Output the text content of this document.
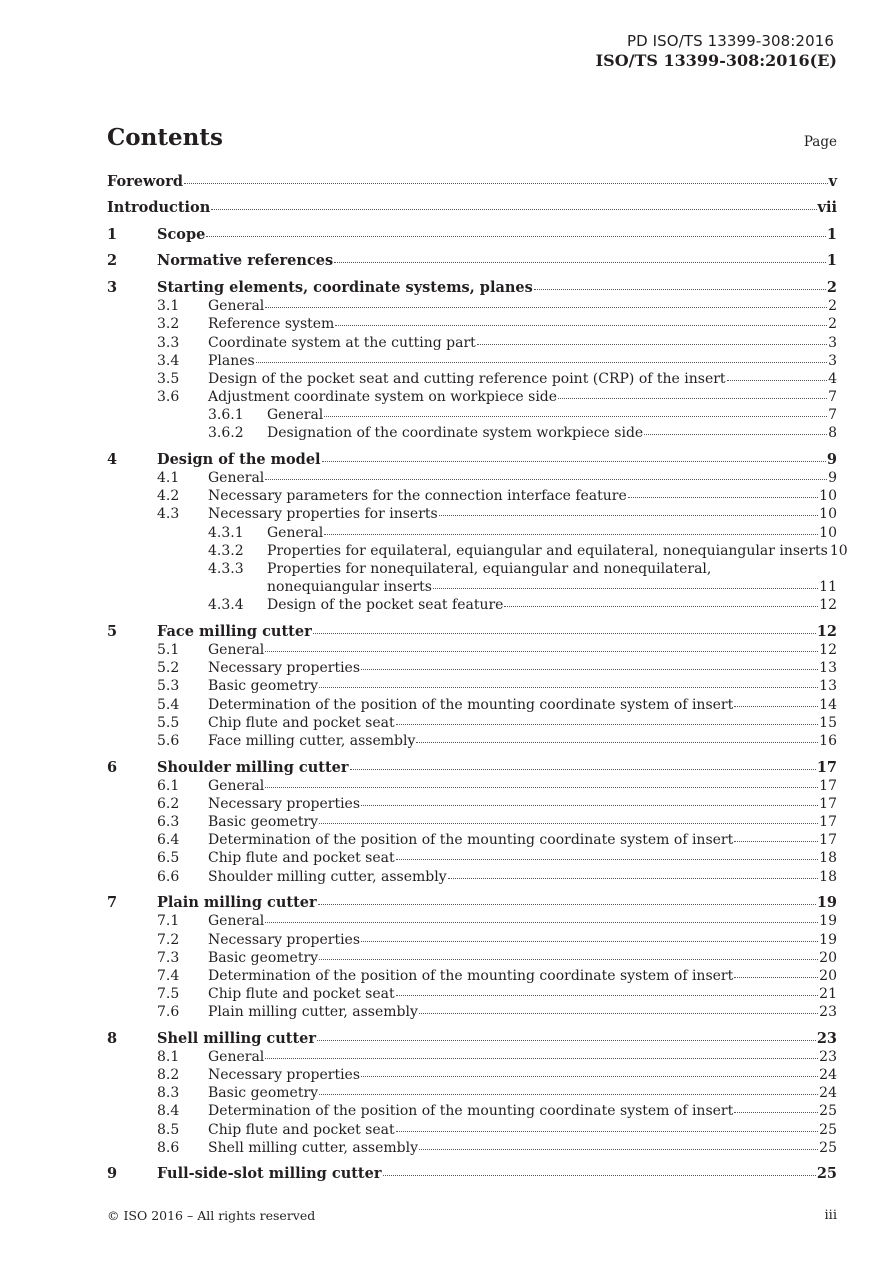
PD ISO/TS 13399-308:2016
ISO/TS 13399-308:2016(E)
Contents	Page
Foreword	v
Introduction	vii
1	Scope	1
2	Normative references	1
3	Starting elements, coordinate systems, planes	2
3.1	General	2
3.2	Reference system	2
3.3	Coordinate system at the cutting part	3
3.4	Planes	3
3.5	Design of the pocket seat and cutting reference point (CRP) of the insert	4
3.6	Adjustment coordinate system on workpiece side	7
3.6.1	General	7
3.6.2	Designation of the coordinate system workpiece side	8
4	Design of the model	9
4.1	General	9
4.2	Necessary parameters for the connection interface feature	10
4.3	Necessary properties for inserts	10
4.3.1	General	10
4.3.2	Properties for equilateral, equiangular and equilateral, nonequiangular inserts 10
4.3.3	Properties for nonequilateral, equiangular and nonequilateral,
nonequiangular inserts	11
4.3.4	Design of the pocket seat feature	12
5	Face milling cutter	12
5.1	General	12
5.2	Necessary properties	13
5.3	Basic geometry	13
5.4	Determination of the position of the mounting coordinate system of insert	14
5.5	Chip flute and pocket seat	15
5.6	Face milling cutter, assembly	16
6	Shoulder milling cutter	17
6.1	General	17
6.2	Necessary properties	17
6.3	Basic geometry	17
6.4	Determination of the position of the mounting coordinate system of insert	17
6.5	Chip flute and pocket seat	18
6.6	Shoulder milling cutter, assembly	18
7	Plain milling cutter	19
7.1	General	19
7.2	Necessary properties	19
7.3	Basic geometry	20
7.4	Determination of the position of the mounting coordinate system of insert	20
7.5	Chip flute and pocket seat	21
7.6	Plain milling cutter, assembly	23
8	Shell milling cutter	23
8.1	General	23
8.2	Necessary properties	24
8.3	Basic geometry	24
8.4	Determination of the position of the mounting coordinate system of insert	25
8.5	Chip flute and pocket seat	25
8.6	Shell milling cutter, assembly	25
9	Full-side-slot milling cutter	25
© ISO 2016 – All rights reserved	iii
